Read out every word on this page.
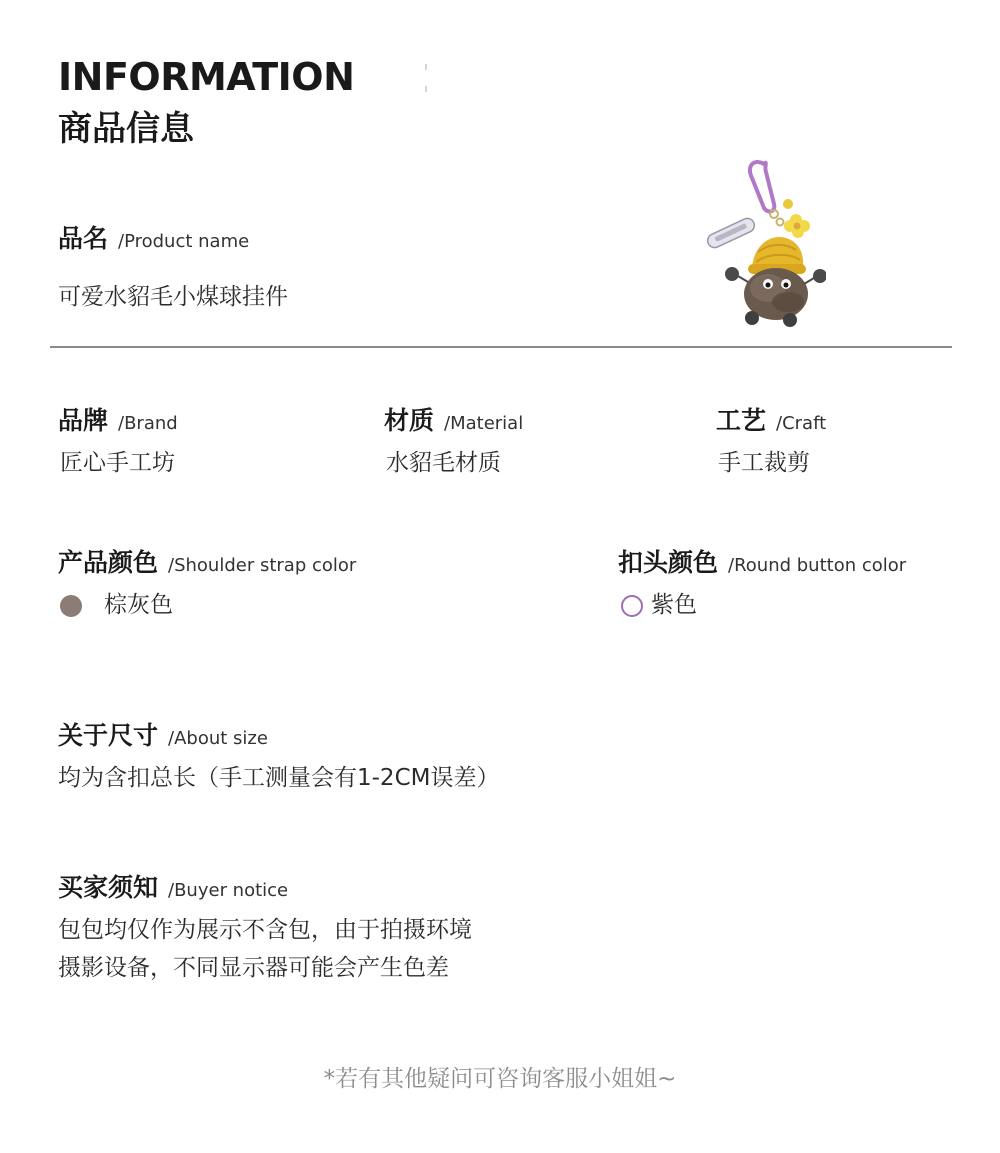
INFORMATION
商品信息
品名 /Product name
可爱水貂毛小煤球挂件
品牌 /Brand
匠心手工坊
材质 /Material
水貂毛材质
工艺 /Craft
手工裁剪
产品颜色 /Shoulder strap color
棕灰色
扣头颜色 /Round button color
紫色
关于尺寸 /About size
均为含扣总长（手工测量会有1-2CM误差）
买家须知 /Buyer notice
包包均仅作为展示不含包，由于拍摄环境
摄影设备，不同显示器可能会产生色差
*若有其他疑问可咨询客服小姐姐~
